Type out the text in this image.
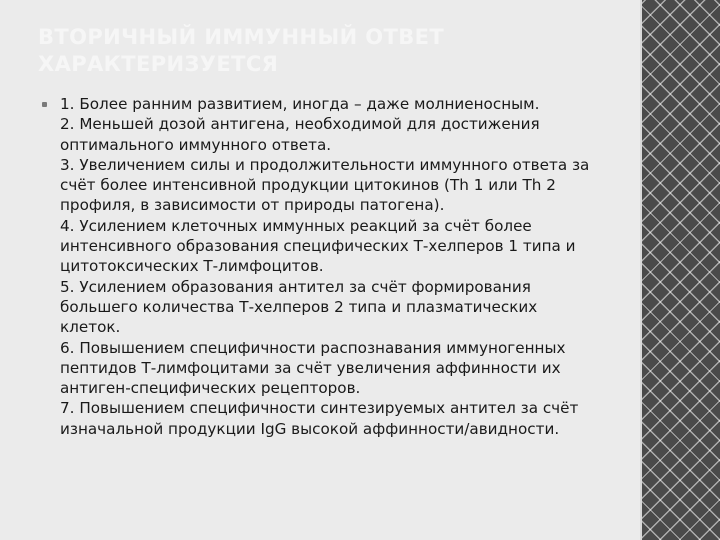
ВТОРИЧНЫЙ ИММУННЫЙ ОТВЕТ ХАРАКТЕРИЗУЕТСЯ

1. Более ранним развитием, иногда – даже молниеносным.
2. Меньшей дозой антигена, необходимой для достижения оптимального иммунного ответа.
3. Увеличением силы и продолжительности иммунного ответа за счёт более интенсивной продукции цитокинов (Th 1 или Th 2 профиля, в зависимости от природы патогена).
4. Усилением клеточных иммунных реакций за счёт более интенсивного образования специфических Т-хелперов 1 типа и цитотоксических Т-лимфоцитов.
5. Усилением образования антител за счёт формирования большего количества Т-хелперов 2 типа и плазматических клеток.
6. Повышением специфичности распознавания иммуногенных пептидов Т-лимфоцитами за счёт увеличения аффинности их антиген-специфических рецепторов.
7. Повышением специфичности синтезируемых антител за счёт изначальной продукции IgG высокой аффинности/авидности.
